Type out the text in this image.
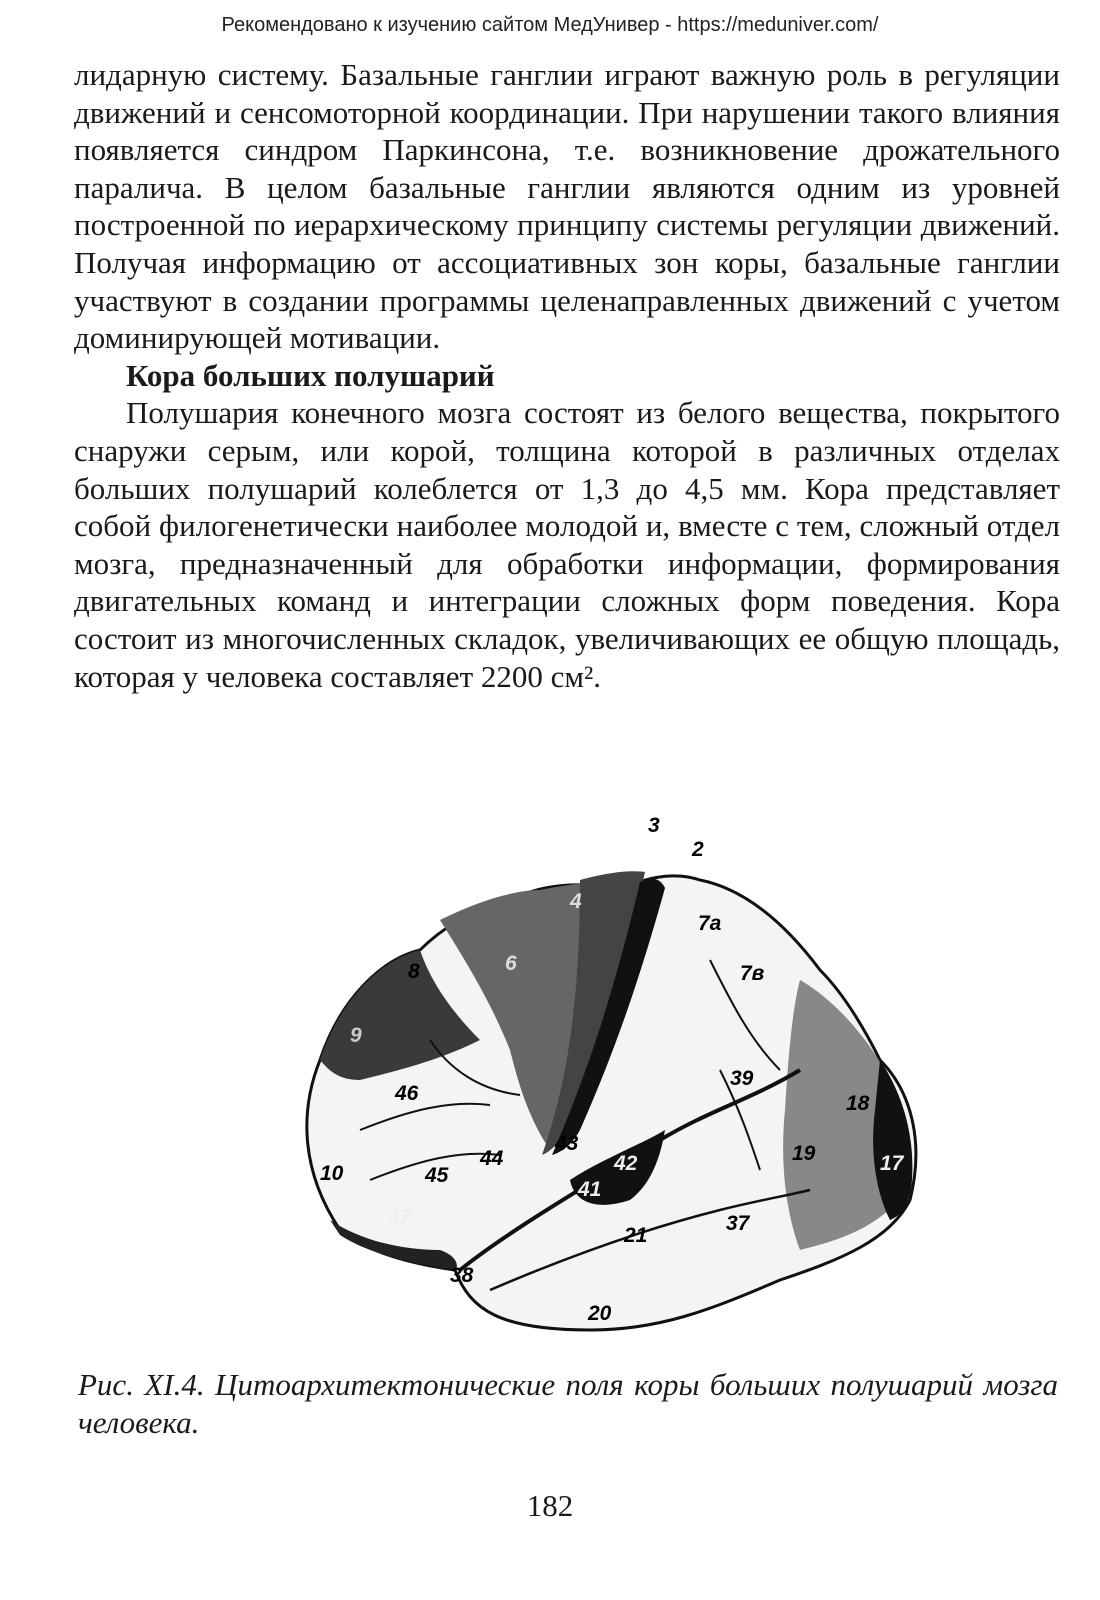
Рекомендовано к изучению сайтом МедУнивер - https://meduniver.com/

лидарную систему. Базальные ганглии играют важную роль в регуляции движений и сенсомоторной координации. При нарушении такого влияния появляется синдром Паркинсона, т.е. возникновение дрожательного паралича. В целом базальные ганглии являются одним из уровней построенной по иерархическому принципу системы регуляции движений. Получая информацию от ассоциативных зон коры, базальные ганглии участвуют в создании программы целенаправленных движений с учетом доминирующей мотивации.

Кора больших полушарий

Полушария конечного мозга состоят из белого вещества, покрытого снаружи серым, или корой, толщина которой в различных отделах больших полушарий колеблется от 1,3 до 4,5 мм. Кора представляет собой филогенетически наиболее молодой и, вместе с тем, сложный отдел мозга, предназначенный для обработки информации, формирования двигательных команд и интеграции сложных форм поведения. Кора состоит из многочисленных складок, увеличивающих ее общую площадь, которая у человека составляет 2200 см².

3
2
4
6
7а
7в
8
9
10	17
18
19
20
21
37
38
39
41
42
43
44
45
46
47
Рис. XI.4. Цитоархитектонические поля коры больших полушарий мозга человека.
182
